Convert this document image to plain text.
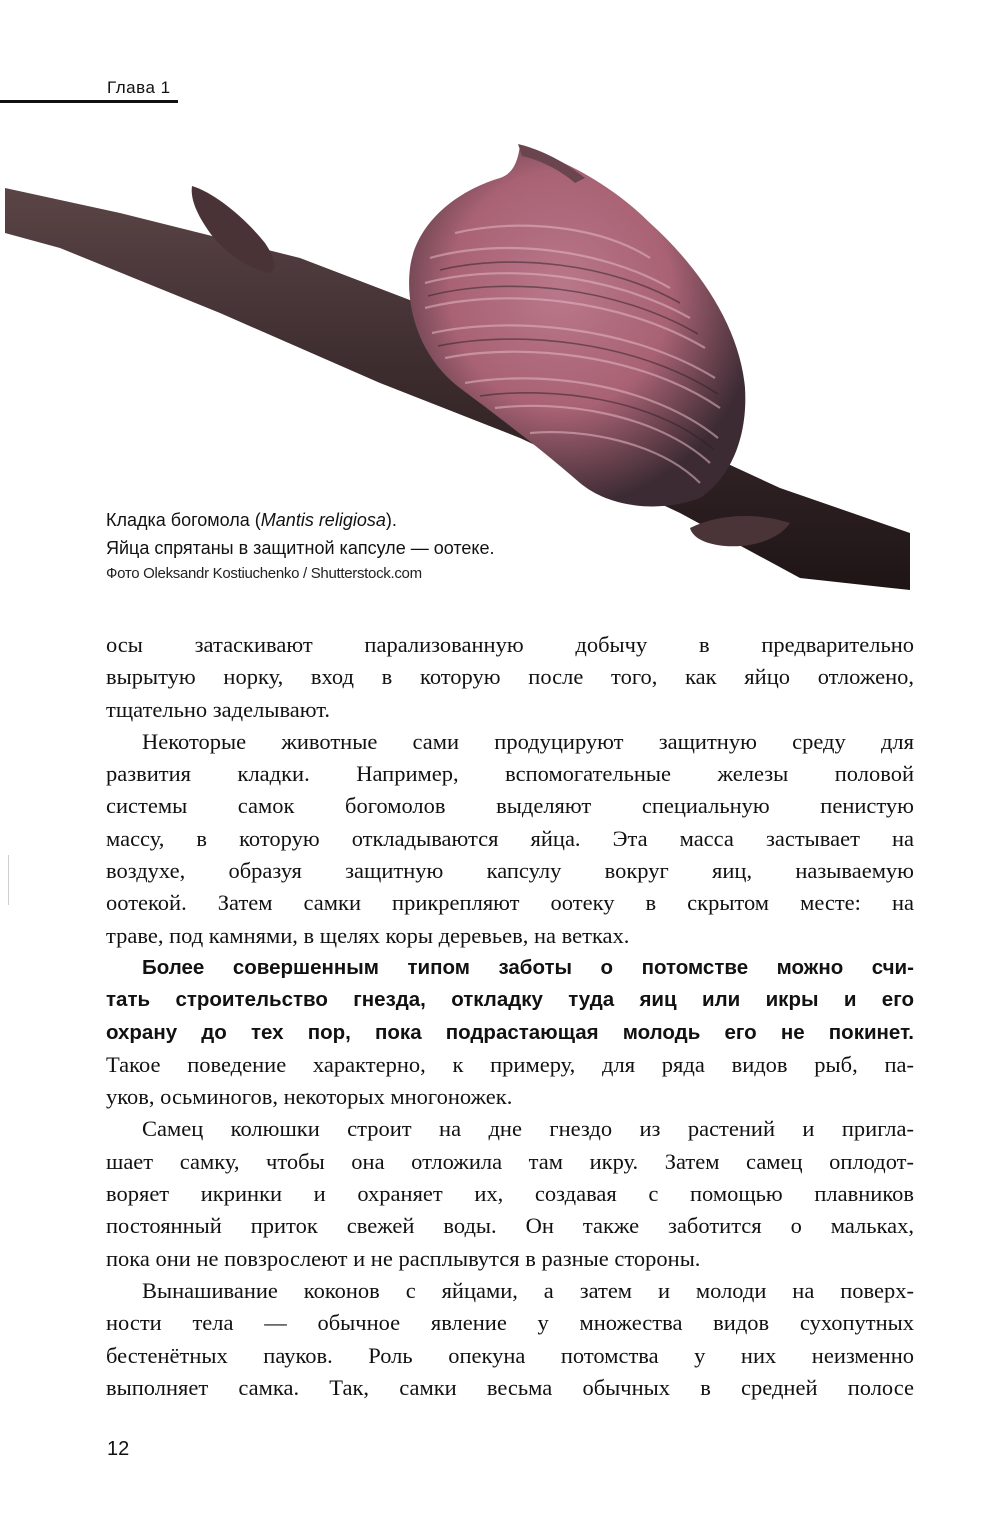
Глава 1
Кладка богомола (Mantis religiosa).
Яйца спрятаны в защитной капсуле — оотеке.
Фото Oleksandr Kostiuchenko / Shutterstock.com

осы затаскивают парализованную добычу в предварительно
вырытую норку, вход в которую после того, как яйцо отложено,
тщательно заделывают.

Некоторые животные сами продуцируют защитную среду для
развития кладки. Например, вспомогательные железы половой
системы самок богомолов выделяют специальную пенистую
массу, в которую откладываются яйца. Эта масса застывает на
воздухе, образуя защитную капсулу вокруг яиц, называемую
оотекой. Затем самки прикрепляют оотеку в скрытом месте: на
траве, под камнями, в щелях коры деревьев, на ветках.

Более совершенным типом заботы о потомстве можно счи-
тать строительство гнезда, откладку туда яиц или икры и его
охрану до тех пор, пока подрастающая молодь его не покинет.
Такое поведение характерно, к примеру, для ряда видов рыб, па-
уков, осьминогов, некоторых многоножек.

Самец колюшки строит на дне гнездо из растений и пригла-
шает самку, чтобы она отложила там икру. Затем самец оплодот-
воряет икринки и охраняет их, создавая с помощью плавников
постоянный приток свежей воды. Он также заботится о мальках,
пока они не повзрослеют и не расплывутся в разные стороны.

Вынашивание коконов с яйцами, а затем и молоди на поверх-
ности тела — обычное явление у множества видов сухопутных
бестенётных пауков. Роль опекуна потомства у них неизменно
выполняет самка. Так, самки весьма обычных в средней полосе

12
